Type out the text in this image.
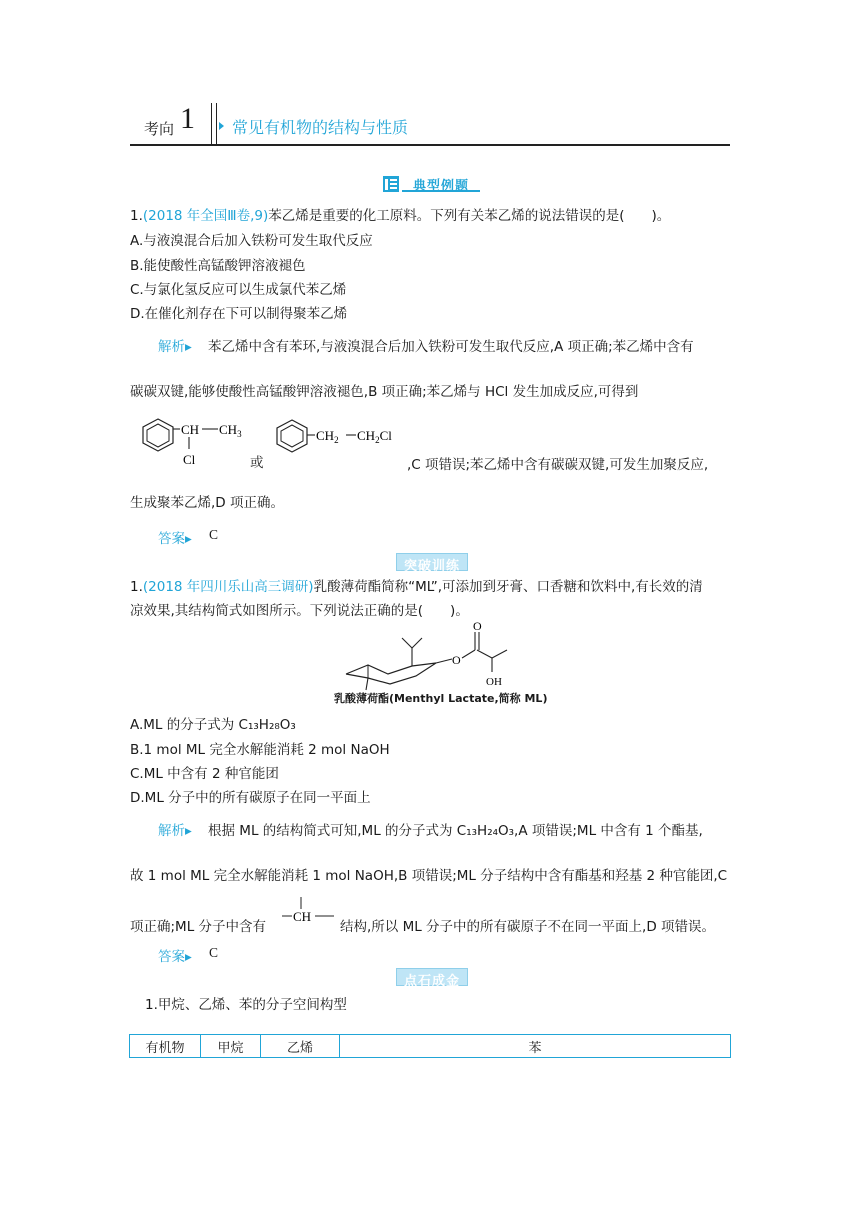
考向 1 常见有机物的结构与性质
典型例题
1.(2018 年全国Ⅲ卷,9)苯乙烯是重要的化工原料。下列有关苯乙烯的说法错误的是(　　)。
A.与液溴混合后加入铁粉可发生取代反应
B.能使酸性高锰酸钾溶液褪色
C.与氯化氢反应可以生成氯代苯乙烯
D.在催化剂存在下可以制得聚苯乙烯
解析▸ 苯乙烯中含有苯环,与液溴混合后加入铁粉可发生取代反应,A 项正确;苯乙烯中含有
碳碳双键,能够使酸性高锰酸钾溶液褪色,B 项正确;苯乙烯与 HCl 发生加成反应,可得到
CH $CH_3$
Cl	或
$CH_2$ $CH_2Cl$
,C 项错误;苯乙烯中含有碳碳双键,可发生加聚反应,
生成聚苯乙烯,D 项正确。
答案▸ C
突破训练
1.(2018 年四川乐山高三调研)乳酸薄荷酯简称“ML”,可添加到牙膏、口香糖和饮料中,有长效的清
凉效果,其结构简式如图所示。下列说法正确的是(　　)。
O
O
OH
乳酸薄荷酯(Menthyl Lactate,简称 ML)
A.ML 的分子式为 C₁₃H₂₈O₃
B.1 mol ML 完全水解能消耗 2 mol NaOH
C.ML 中含有 2 种官能团
D.ML 分子中的所有碳原子在同一平面上
解析▸ 根据 ML 的结构简式可知,ML 的分子式为 C₁₃H₂₄O₃,A 项错误;ML 中含有 1 个酯基,
故 1 mol ML 完全水解能消耗 1 mol NaOH,B 项错误;ML 分子结构中含有酯基和羟基 2 种官能团,C
项正确;ML 分子中含有
CH
结构,所以 ML 分子中的所有碳原子不在同一平面上,D 项错误。
答案▸ C
点石成金
1.甲烷、乙烯、苯的分子空间构型
有机物	甲烷	乙烯	苯
